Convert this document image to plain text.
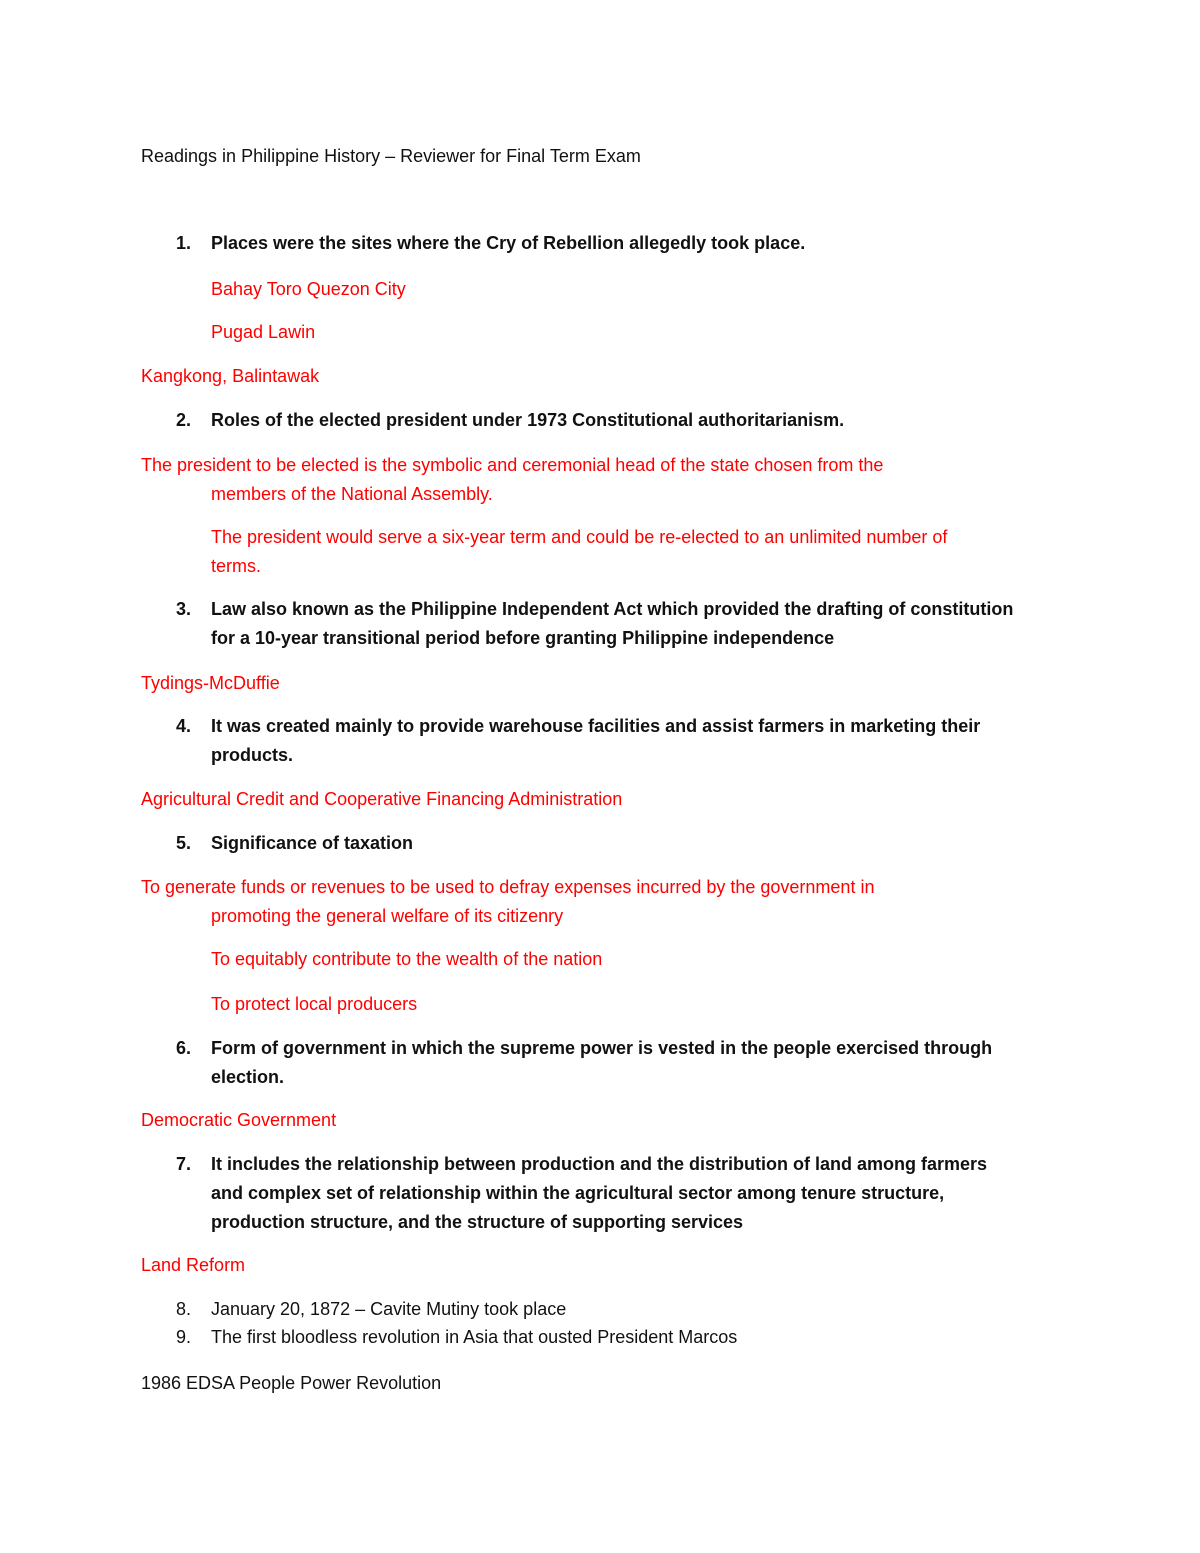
Readings in Philippine History – Reviewer for Final Term Exam
1. Places were the sites where the Cry of Rebellion allegedly took place.
Bahay Toro Quezon City
Pugad Lawin
Kangkong, Balintawak
2. Roles of the elected president under 1973 Constitutional authoritarianism.
The president to be elected is the symbolic and ceremonial head of the state chosen from the
members of the National Assembly.
The president would serve a six-year term and could be re-elected to an unlimited number of
terms.
3. Law also known as the Philippine Independent Act which provided the drafting of constitution
for a 10-year transitional period before granting Philippine independence
Tydings-McDuffie
4. It was created mainly to provide warehouse facilities and assist farmers in marketing their
products.
Agricultural Credit and Cooperative Financing Administration
5. Significance of taxation
To generate funds or revenues to be used to defray expenses incurred by the government in
promoting the general welfare of its citizenry
To equitably contribute to the wealth of the nation
To protect local producers
6. Form of government in which the supreme power is vested in the people exercised through
election.
Democratic Government
7. It includes the relationship between production and the distribution of land among farmers
and complex set of relationship within the agricultural sector among tenure structure,
production structure, and the structure of supporting services
Land Reform
8. January 20, 1872 – Cavite Mutiny took place
9. The first bloodless revolution in Asia that ousted President Marcos
1986 EDSA People Power Revolution
